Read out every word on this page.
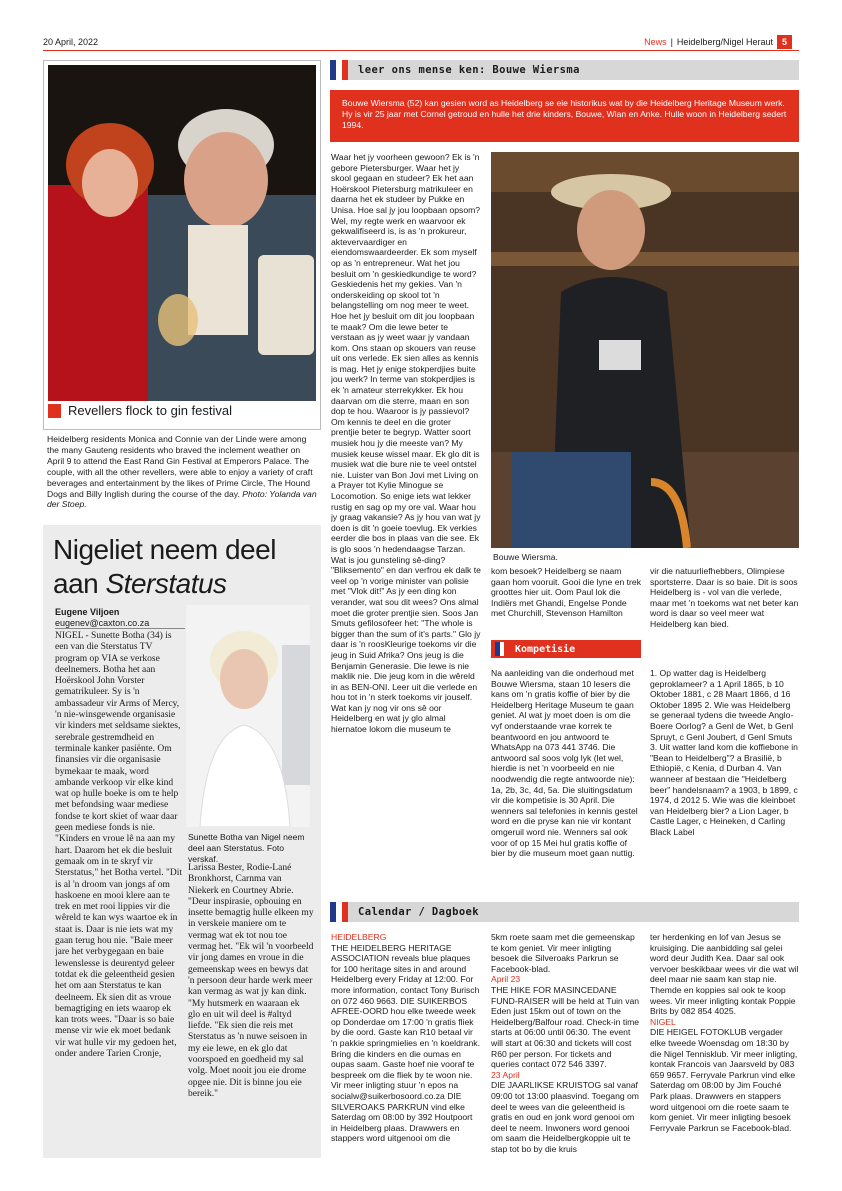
20 April, 2022	News | Heidelberg/Nigel Heraut	5
Revellers flock to gin festival
Heidelberg residents Monica and Connie van der Linde were among the many Gauteng residents who braved the inclement weather on April 9 to attend the East Rand Gin Festival at Emperors Palace. The couple, with all the other revellers, were able to enjoy a variety of craft beverages and entertainment by the likes of Prime Circle, The Hound Dogs and Billy Inglish during the course of the day. Photo: Yolanda van der Stoep.
Nigeliet neem deel
aan Sterstatus
Eugene Viljoen
eugenev@caxton.co.za
Sunette Botha van Nigel neem deel aan Sterstatus. Foto verskaf.
NIGEL - Sunette Botha (34) is een van die Sterstatus TV program op VIA se verkose deelnemers. Botha het aan Hoërskool John Vorster gematrikuleer. Sy is 'n ambassadeur vir Arms of Mercy, 'n nie-winsgewende organisasie vir kinders met seldsame siektes, serebrale gestremdheid en terminale kanker pasiënte. Om finansies vir die organisasie bymekaar te maak, word ambande verkoop vir elke kind wat op hulle boeke is om te help met befondsing waar mediese fondse te kort skiet of waar daar geen mediese fonds is nie. "Kinders en vroue lê na aan my hart. Daarom het ek die besluit gemaak om in te skryf vir Sterstatus," het Botha vertel. "Dit is al 'n droom van jongs af om haskoene en mooi klere aan te trek en met rooi lippies vir die wêreld te kan wys waartoe ek in staat is. Daar is nie iets wat my gaan terug hou nie. "Baie meer jare het verbygegaan en baie lewenslesse is deurentyd geleer totdat ek die geleentheid gesien het om aan Sterstatus te kan deelneem. Ek sien dit as vroue bemagtiging en iets waarop ek kan trots wees. "Daar is so baie mense vir wie ek moet bedank vir wat hulle vir my gedoen het, onder andere Tarien Cronje,
Larissa Bester, Rodie-Lané Bronkhorst, Carnma van Niekerk en Courtney Abrie. "Deur inspirasie, opbouing en insette bemagtig hulle elkeen my in verskeie maniere om te vermag wat ek tot nou toe vermag het. "Ek wil 'n voorbeeld vir jong dames en vroue in die gemeenskap wees en bewys dat 'n persoon deur harde werk meer kan vermag as wat jy kan dink. "My hutsmerk en waaraan ek glo en uit wil deel is #altyd liefde. "Ek sien die reis met Sterstatus as 'n nuwe seisoen in my eie lewe, en ek glo dat voorspoed en goedheid my sal volg. Moet nooit jou eie drome opgee nie. Dit is binne jou eie bereik."
leer ons mense ken: Bouwe Wiersma
Bouwe Wiersma (52) kan gesien word as Heidelberg se eie historikus wat by die Heidelberg Heritage Museum werk. Hy is vir 25 jaar met Cornel getroud en hulle het drie kinders, Bouwe, Wian en Anke. Hulle woon in Heidelberg sedert 1994.
Waar het jy voorheen gewoon? Ek is 'n gebore Pietersburger. Waar het jy skool gegaan en studeer? Ek het aan Hoërskool Pietersburg matrikuleer en daarna het ek studeer by Pukke en Unisa. Hoe sal jy jou loopbaan opsom? Wel, my regte werk en waarvoor ek gekwalifiseerd is, is as 'n prokureur, aktevervaardiger en eiendomswaardeerder. Ek som myself op as 'n entrepreneur. Wat het jou besluit om 'n geskiedkundige te word? Geskiedenis het my gekies. Van 'n onderskeiding op skool tot 'n belangstelling om nog meer te weet. Hoe het jy besluit om dit jou loopbaan te maak? Om die lewe beter te verstaan as jy weet waar jy vandaan kom. Ons staan op skouers van reuse uit ons verlede. Ek sien alles as kennis is mag. Het jy enige stokperdjies buite jou werk? In terme van stokperdjies is ek 'n amateur sterrekykker. Ek hou daarvan om die sterre, maan en son dop te hou. Waaroor is jy passievol? Om kennis te deel en die groter prentjie beter te begryp. Watter soort musiek hou jy die meeste van? My musiek keuse wissel maar. Ek glo dit is musiek wat die bure nie te veel ontstel nie. Luister van Bon Jovi met Living on a Prayer tot Kylie Minogue se Locomotion. So enige iets wat lekker rustig en sag op my ore val. Waar hou jy graag vakansie? As jy hou van wat jy doen is dit 'n goeie toevlug. Ek verkies eerder die bos in plaas van die see. Ek is glo soos 'n hedendaagse Tarzan. Wat is jou gunsteling sê-ding? "Bliksemento" en dan verfrou ek dalk te veel op 'n vorige minister van polisie met "Vlok dit!" As jy een ding kon verander, wat sou dit wees? Ons almal moet die groter prentjie sien. Soos Jan Smuts gefilosofeer het: "The whole is bigger than the sum of it's parts." Glo jy daar is 'n roosKleurige toekoms vir die jeug in Suid Afrika? Ons jeug is die Benjamin Generasie. Die lewe is nie maklik nie. Die jeug kom in die wêreld in as BEN-ONI. Leer uit die verlede en hou tot in 'n sterk toekoms vir jouself. Wat kan jy nog vir ons sê oor Heidelberg en wat jy glo almal hiernatoe lokom die museum te
Bouwe Wiersma.
kom besoek? Heidelberg se naam gaan hom vooruit. Gooi die lyne en trek groottes hier uit. Oom Paul lok die Indiërs met Ghandi, Engelse Ponde met Churchill, Stevenson Hamilton
vir die natuurliefhebbers, Olimpiese sportsterre. Daar is so baie. Dit is soos Heidelberg is - vol van die verlede, maar met 'n toekoms wat net beter kan word is daar so veel meer wat Heidelberg kan bied.
Kompetisie
Na aanleiding van die onderhoud met Bouwe Wiersma, staan 10 lesers die kans om 'n gratis koffie of bier by die Heidelberg Heritage Museum te gaan geniet. Al wat jy moet doen is om die vyf onderstaande vrae korrek te beantwoord en jou antwoord te WhatsApp na 073 441 3746. Die antwoord sal soos volg lyk (let wel, hierdie is net 'n voorbeeld en nie noodwendig die regte antwoorde nie): 1a, 2b, 3c, 4d, 5a. Die sluitingsdatum vir die kompetisie is 30 April. Die wenners sal telefonies in kennis gestel word en die pryse kan nie vir kontant omgeruil word nie. Wenners sal ook voor of op 15 Mei hul gratis koffie of bier by die museum moet gaan nuttig.
1. Op watter dag is Heidelberg geproklameer? a 1 April 1865, b 10 Oktober 1881, c 28 Maart 1866, d 16 Oktober 1895 2. Wie was Heidelberg se generaal tydens die tweede Anglo-Boere Oorlog? a Genl de Wet, b Genl Spruyt, c Genl Joubert, d Genl Smuts 3. Uit watter land kom die koffiebone in "Bean to Heidelberg"? a Brasilië, b Ethiopië, c Kenia, d Durban 4. Van wanneer af bestaan die "Heidelberg beer" handelsnaam? a 1903, b 1899, c 1974, d 2012 5. Wie was die kleinboet van Heidelberg bier? a Lion Lager, b Castle Lager, c Heineken, d Carling Black Label
Calendar / Dagboek
HEIDELBERG
THE HEIDELBERG HERITAGE ASSOCIATION reveals blue plaques for 100 heritage sites in and around Heidelberg every Friday at 12:00. For more information, contact Tony Burisch on 072 460 9663. DIE SUIKERBOS AFREE-OORD hou elke tweede week op Donderdae om 17:00 'n gratis fliek by die oord. Gaste kan R10 betaal vir 'n pakkie springmielies en 'n koeldrank. Bring die kinders en die oumas en oupas saam. Gaste hoef nie vooraf te bespreek om die fliek by te woon nie. Vir meer inligting stuur 'n epos na socialw@suikerbosoord.co.za DIE SILVEROAKS PARKRUN vind elke Saterdag om 08:00 by 392 Houtpoort in Heidelberg plaas. Drawwers en stappers word uitgenooi om die
5km roete saam met die gemeenskap te kom geniet. Vir meer inligting besoek die Silveroaks Parkrun se Facebook-blad.
April 23
THE HIKE FOR MASINCEDANE FUND-RAISER will be held at Tuin van Eden just 15km out of town on the Heidelberg/Balfour road. Check-in time starts at 06:00 until 06:30. The event will start at 06:30 and tickets will cost R60 per person. For tickets and queries contact 072 546 3397.
23 April
DIE JAARLIKSE KRUISTOG sal vanaf 09:00 tot 13:00 plaasvind. Toegang om deel te wees van die geleentheid is gratis en oud en jonk word genooi om deel te neem. Inwoners word genooi om saam die Heidelbergkoppie uit te stap tot bo by die kruis
ter herdenking en lof van Jesus se kruisiging. Die aanbidding sal gelei word deur Judith Kea. Daar sal ook vervoer beskikbaar wees vir die wat wil deel maar nie saam kan stap nie. Themde en koppies sal ook te koop wees. Vir meer inligting kontak Poppie Brits by 082 854 4025.
NIGEL
DIE HEIGEL FOTOKLUB vergader elke tweede Woensdag om 18:30 by die Nigel Tennisklub. Vir meer inligting, kontak Francois van Jaarsveld by 083 659 9657. Ferryvale Parkrun vind elke Saterdag om 08:00 by Jim Fouché Park plaas. Drawwers en stappers word uitgenooi om die roete saam te kom geniet. Vir meer inligting besoek Ferryvale Parkrun se Facebook-blad.
